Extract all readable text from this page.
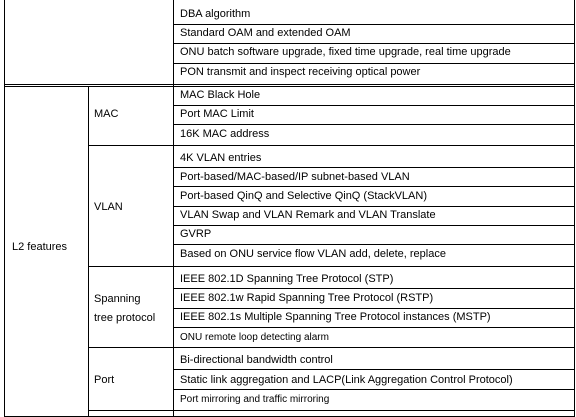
DBA algorithm
Standard OAM and extended OAM
ONU batch software upgrade, fixed time upgrade, real time upgrade
PON transmit and inspect receiving optical power
L2 features
MAC
MAC Black Hole
Port MAC Limit
16K MAC address
VLAN
4K VLAN entries
Port-based/MAC-based/IP subnet-based VLAN
Port-based QinQ and Selective QinQ (StackVLAN)
VLAN Swap and VLAN Remark and VLAN Translate
GVRP
Based on ONU service flow VLAN add, delete, replace
Spanning
tree protocol
IEEE 802.1D Spanning Tree Protocol (STP)
IEEE 802.1w Rapid Spanning Tree Protocol (RSTP)
IEEE 802.1s Multiple Spanning Tree Protocol instances (MSTP)
ONU remote loop detecting alarm
Port
Bi-directional bandwidth control
Static link aggregation and LACP(Link Aggregation Control Protocol)
Port mirroring and traffic mirroring
